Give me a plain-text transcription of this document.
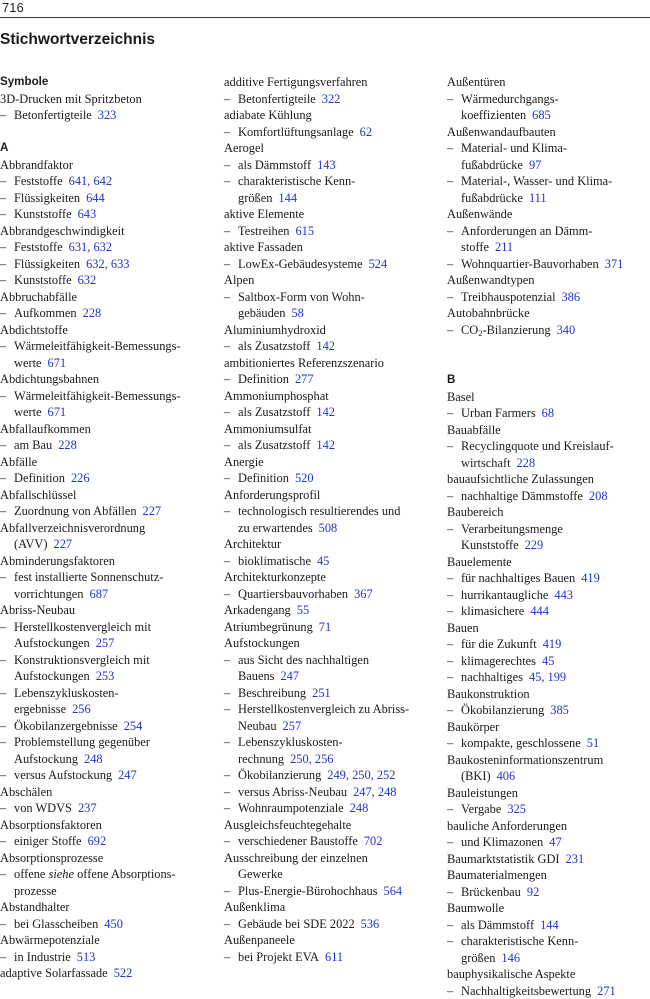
716
Stichwortverzeichnis
Symbole
3D-Drucken mit Spritzbeton
– Betonfertigteile 323
A
Abbrandfaktor
– Feststoffe 641, 642
– Flüssigkeiten 644
– Kunststoffe 643
Abbrandgeschwindigkeit
– Feststoffe 631, 632
– Flüssigkeiten 632, 633
– Kunststoffe 632
Abbruchabfälle
– Aufkommen 228
Abdichtstoffe
– Wärmeleitfähigkeit-Bemessungs-
werte 671
Abdichtungsbahnen
– Wärmeleitfähigkeit-Bemessungs-
werte 671
Abfallaufkommen
– am Bau 228
Abfälle
– Definition 226
Abfallschlüssel
– Zuordnung von Abfällen 227
Abfallverzeichnisverordnung
(AVV) 227
Abminderungsfaktoren
– fest installierte Sonnenschutz-
vorrichtungen 687
Abriss-Neubau
– Herstellkostenvergleich mit
Aufstockungen 257
– Konstruktionsvergleich mit
Aufstockungen 253
– Lebenszykluskosten-
ergebnisse 256
– Ökobilanzergebnisse 254
– Problemstellung gegenüber
Aufstockung 248
– versus Aufstockung 247
Abschälen
– von WDVS 237
Absorptionsfaktoren
– einiger Stoffe 692
Absorptionsprozesse
– offene siehe offene Absorptions-
prozesse
Abstandhalter
– bei Glasscheiben 450
Abwärmepotenziale
– in Industrie 513
adaptive Solarfassade 522
additive Fertigungsverfahren
– Betonfertigteile 322
adiabate Kühlung
– Komfortlüftungsanlage 62
Aerogel
– als Dämmstoff 143
– charakteristische Kenn-
größen 144
aktive Elemente
– Testreihen 615
aktive Fassaden
– LowEx-Gebäudesysteme 524
Alpen
– Saltbox-Form von Wohn-
gebäuden 58
Aluminiumhydroxid
– als Zusatzstoff 142
ambitioniertes Referenzszenario
– Definition 277
Ammoniumphosphat
– als Zusatzstoff 142
Ammoniumsulfat
– als Zusatzstoff 142
Anergie
– Definition 520
Anforderungsprofil
– technologisch resultierendes und
zu erwartendes 508
Architektur
– bioklimatische 45
Architekturkonzepte
– Quartiersbauvorhaben 367
Arkadengang 55
Atriumbegrünung 71
Aufstockungen
– aus Sicht des nachhaltigen
Bauens 247
– Beschreibung 251
– Herstellkostenvergleich zu Abriss-
Neubau 257
– Lebenszykluskosten-
rechnung 250, 256
– Ökobilanzierung 249, 250, 252
– versus Abriss-Neubau 247, 248
– Wohnraumpotenziale 248
Ausgleichsfeuchtegehalte
– verschiedener Baustoffe 702
Ausschreibung der einzelnen
Gewerke
– Plus-Energie-Bürohochhaus 564
Außenklima
– Gebäude bei SDE 2022 536
Außenpaneele
– bei Projekt EVA 611
Außentüren
– Wärmedurchgangs-
koeffizienten 685
Außenwandaufbauten
– Material- und Klima-
fußabdrücke 97
– Material-, Wasser- und Klima-
fußabdrücke 111
Außenwände
– Anforderungen an Dämm-
stoffe 211
– Wohnquartier-Bauvorhaben 371
Außenwandtypen
– Treibhauspotenzial 386
Autobahnbrücke
– CO2-Bilanzierung 340
B
Basel
– Urban Farmers 68
Bauabfälle
– Recyclingquote und Kreislauf-
wirtschaft 228
bauaufsichtliche Zulassungen
– nachhaltige Dämmstoffe 208
Baubereich
– Verarbeitungsmenge
Kunststoffe 229
Bauelemente
– für nachhaltiges Bauen 419
– hurrikantaugliche 443
– klimasichere 444
Bauen
– für die Zukunft 419
– klimagerechtes 45
– nachhaltiges 45, 199
Baukonstruktion
– Ökobilanzierung 385
Baukörper
– kompakte, geschlossene 51
Baukosteninformationszentrum
(BKI) 406
Bauleistungen
– Vergabe 325
bauliche Anforderungen
– und Klimazonen 47
Baumarktstatistik GDI 231
Baumaterialmengen
– Brückenbau 92
Baumwolle
– als Dämmstoff 144
– charakteristische Kenn-
größen 146
bauphysikalische Aspekte
– Nachhaltigkeitsbewertung 271
